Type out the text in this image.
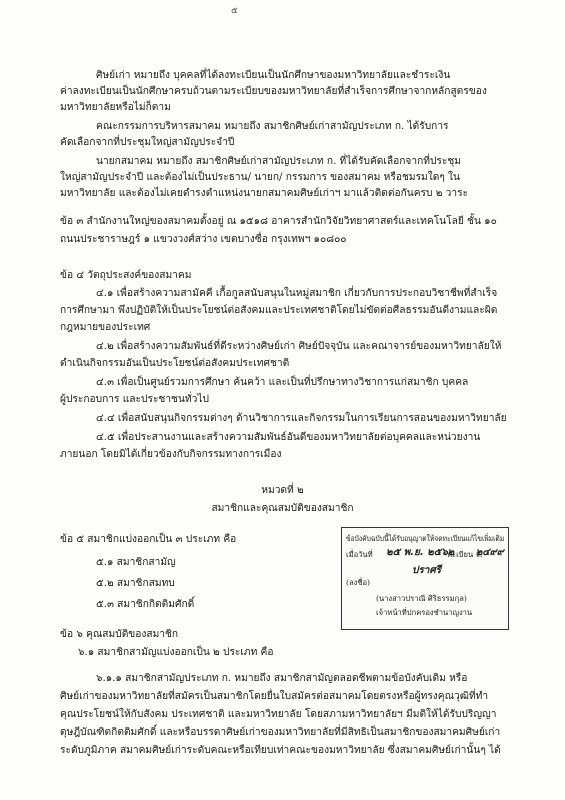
๕
ศิษย์เก่า หมายถึง บุคคลที่ได้ลงทะเบียนเป็นนักศึกษาของมหาวิทยาลัยและชำระเงิน
ค่าลงทะเบียนเป็นนักศึกษาครบถ้วนตามระเบียบของมหาวิทยาลัยที่สำเร็จการศึกษาจากหลักสูตรของ
มหาวิทยาลัยหรือไม่ก็ตาม
คณะกรรมการบริหารสมาคม หมายถึง สมาชิกศิษย์เก่าสามัญประเภท ก. ได้รับการ
คัดเลือกจากที่ประชุมใหญ่สามัญประจำปี
นายกสมาคม หมายถึง สมาชิกศิษย์เก่าสามัญประเภท ก. ที่ได้รับคัดเลือกจากที่ประชุม
ใหญ่สามัญประจำปี และต้องไม่เป็นประธาน/ นายก/ กรรมการ ของสมาคม หรือชมรมใดๆ ใน
มหาวิทยาลัย และต้องไม่เคยดำรงตำแหน่งนายกสมาคมศิษย์เก่าฯ มาแล้วติดต่อกันครบ ๒ วาระ
ข้อ ๓ สำนักงานใหญ่ของสมาคมตั้งอยู่ ณ ๑๕๑๘ อาคารสำนักวิจัยวิทยาศาสตร์และเทคโนโลยี ชั้น ๑๐
ถนนประชาราษฎร์ ๑ แขวงวงศ์สว่าง เขตบางซื่อ กรุงเทพฯ ๑๐๘๐๐
ข้อ ๔ วัตถุประสงค์ของสมาคม
๔.๑ เพื่อสร้างความสามัคคี เกื้อกูลสนับสนุนในหมู่สมาชิก เกี่ยวกับการประกอบวิชาชีพที่สำเร็จ
การศึกษามา พึงปฏิบัติให้เป็นประโยชน์ต่อสังคมและประเทศชาติโดยไม่ขัดต่อศีลธรรมอันดีงามและผิด
กฎหมายของประเทศ
๔.๒ เพื่อสร้างความสัมพันธ์ที่ดีระหว่างศิษย์เก่า ศิษย์ปัจจุบัน และคณาจารย์ของมหาวิทยาลัยให้
ดำเนินกิจกรรมอันเป็นประโยชน์ต่อสังคมประเทศชาติ
๔.๓ เพื่อเป็นศูนย์รวมการศึกษา ค้นคว้า และเป็นที่ปรึกษาทางวิชาการแก่สมาชิก บุคคล
ผู้ประกอบการ และประชาชนทั่วไป
๔.๔ เพื่อสนับสนุนกิจกรรมต่างๆ ด้านวิชาการและกิจกรรมในการเรียนการสอนของมหาวิทยาลัย
๔.๕ เพื่อประสานงานและสร้างความสัมพันธ์อันดีของมหาวิทยาลัยต่อบุคคลและหน่วยงาน
ภายนอก โดยมิได้เกี่ยวข้องกับกิจกรรมทางการเมือง
ข้อ ๕ สมาชิกแบ่งออกเป็น ๓ ประเภท คือ
๕.๑ สมาชิกสามัญ
๕.๒ สมาชิกสมทบ
๕.๓ สมาชิกกิตติมศักดิ์
ข้อ ๖ คุณสมบัติของสมาชิก
๖.๑ สมาชิกสามัญแบ่งออกเป็น ๒ ประเภท คือ
๖.๑.๑ สมาชิกสามัญประเภท ก. หมายถึง สมาชิกสามัญตลอดชีพตามข้อบังคับเดิม หรือ
ศิษย์เก่าของมหาวิทยาลัยที่สมัครเป็นสมาชิกโดยยื่นใบสมัครต่อสมาคมโดยตรงหรือผู้ทรงคุณวุฒิที่ทำ
คุณประโยชน์ให้กับสังคม ประเทศชาติ และมหาวิทยาลัย โดยสภามหาวิทยาลัยฯ มีมติให้ได้รับปริญญา
ดุษฎีบัณฑิตกิตติมศักดิ์ และหรือบรรดาศิษย์เก่าของมหาวิทยาลัยที่มีสิทธิเป็นสมาชิกของสมาคมศิษย์เก่า
ระดับภูมิภาค สมาคมศิษย์เก่าระดับคณะหรือเทียบเท่าคณะของมหาวิทยาลัย ซึ่งสมาคมศิษย์เก่านั้นๆ ได้
หมวดที่ ๒
สมาชิกและคุณสมบัติของสมาชิก
ข้อบังคับฉบับนี้ได้รับอนุญาตให้จดทะเบียนแก้ไขเพิ่มเติม
เมื่อวันที่ ๒๕ พ.ย. ๒๕๖๒
ทะเบียน จ.
๒๔๙๙
(ลงชื่อ)
ปราศรี
(นางสาวปราณี ศิริธรรมกุล)
เจ้าหน้าที่ปกครองชำนาญงาน
